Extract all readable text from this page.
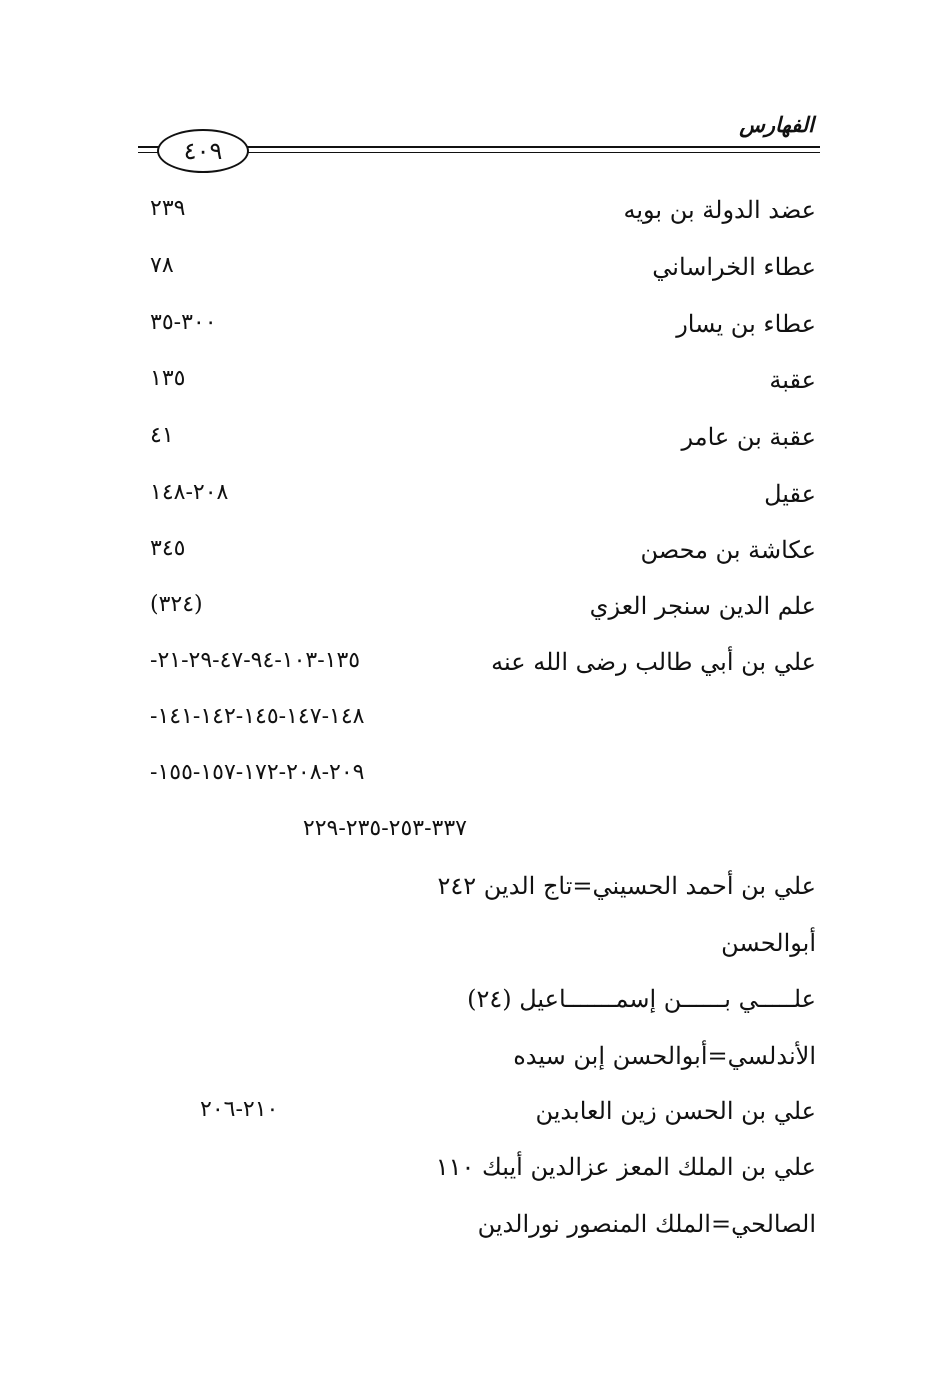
الفهارس
٤٠٩
عضد الدولة بن بويه
٢٣٩
عطاء الخراساني
٧٨
عطاء بن يسار
٣٠٠-٣٥
عقبة
١٣٥
عقبة بن عامر
٤١
عقيل
٢٠٨-١٤٨
عكاشة بن محصن
٣٤٥
علم الدين سنجر العزي
(٣٢٤)
علي بن أبي طالب رضى الله عنه
١٣٥-١٠٣-٩٤-٤٧-٢٩-٢١-
١٤٨-١٤٧-١٤٥-١٤٢-١٤١-
٢٠٩-٢٠٨-١٧٢-١٥٧-١٥٥-
٣٣٧-٢٥٣-٢٣٥-٢٢٩
علي بن أحمد الحسيني=تاج الدين ٢٤٢
أبوالحسن
علـــــي بــــــن إسمـــــــاعيل (٢٤)
الأندلسي=أبوالحسن إبن سيده
علي بن الحسن زين العابدين
٢١٠-٢٠٦
علي بن الملك المعز عزالدين أيبك ١١٠
الصالحي=الملك المنصور نورالدين
